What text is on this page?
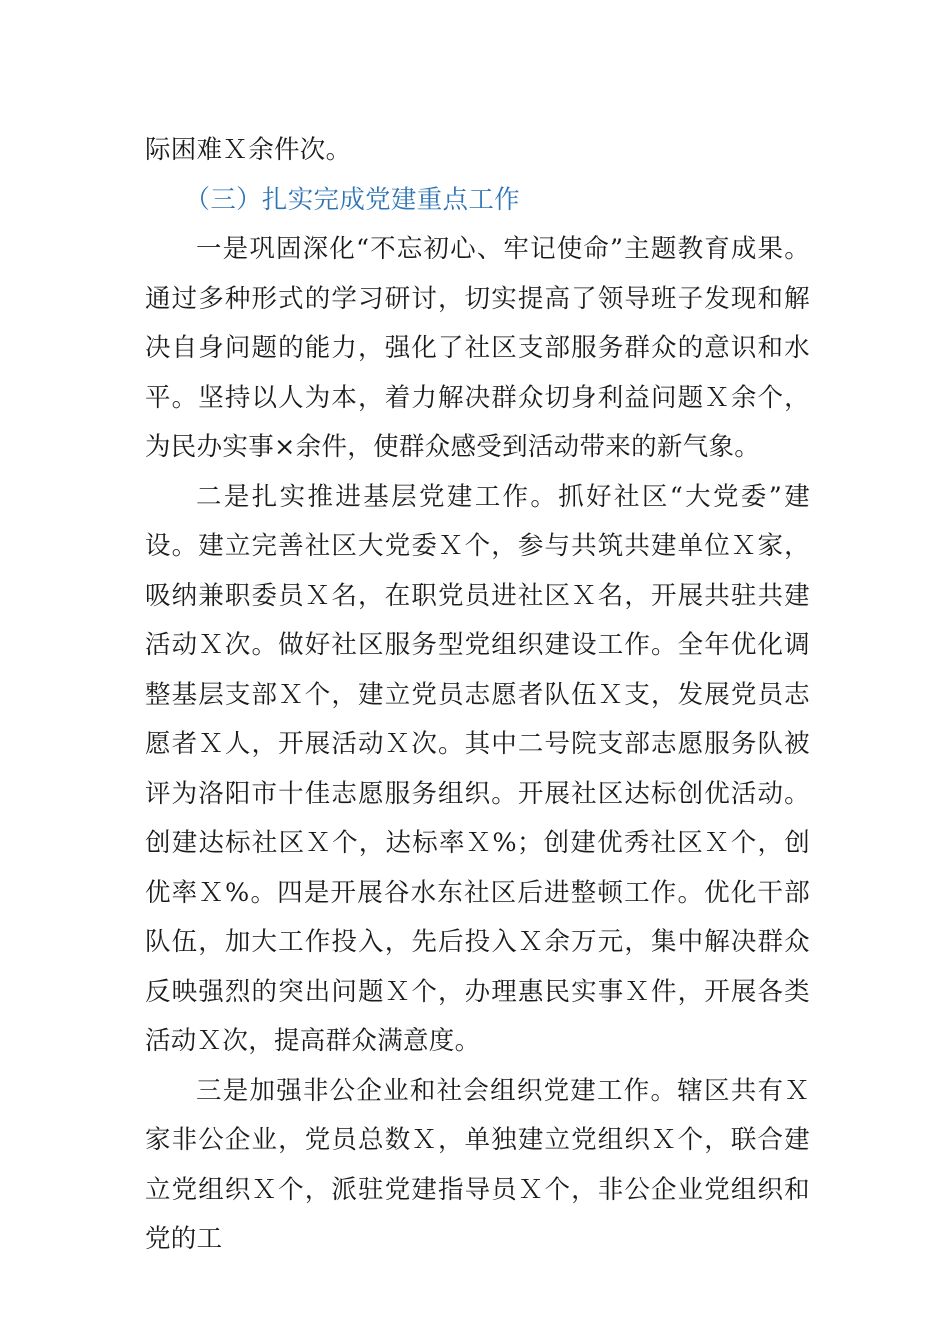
际困难Ｘ余件次。

（三）扎实完成党建重点工作

一是巩固深化“不忘初心、牢记使命”主题教育成果。通过多种形式的学习研讨，切实提高了领导班子发现和解决自身问题的能力，强化了社区支部服务群众的意识和水平。坚持以人为本，着力解决群众切身利益问题Ｘ余个，为民办实事×余件，使群众感受到活动带来的新气象。

二是扎实推进基层党建工作。抓好社区“大党委”建设。建立完善社区大党委Ｘ个，参与共筑共建单位Ｘ家，吸纳兼职委员Ｘ名，在职党员进社区Ｘ名，开展共驻共建活动Ｘ次。做好社区服务型党组织建设工作。全年优化调整基层支部Ｘ个，建立党员志愿者队伍Ｘ支，发展党员志愿者Ｘ人，开展活动Ｘ次。其中二号院支部志愿服务队被评为洛阳市十佳志愿服务组织。开展社区达标创优活动。创建达标社区Ｘ个，达标率Ｘ%；创建优秀社区Ｘ个，创优率Ｘ%。四是开展谷水东社区后进整顿工作。优化干部队伍，加大工作投入，先后投入Ｘ余万元，集中解决群众反映强烈的突出问题Ｘ个，办理惠民实事Ｘ件，开展各类活动Ｘ次，提高群众满意度。

三是加强非公企业和社会组织党建工作。辖区共有Ｘ家非公企业，党员总数Ｘ，单独建立党组织Ｘ个，联合建立党组织Ｘ个，派驻党建指导员Ｘ个，非公企业党组织和党的工
